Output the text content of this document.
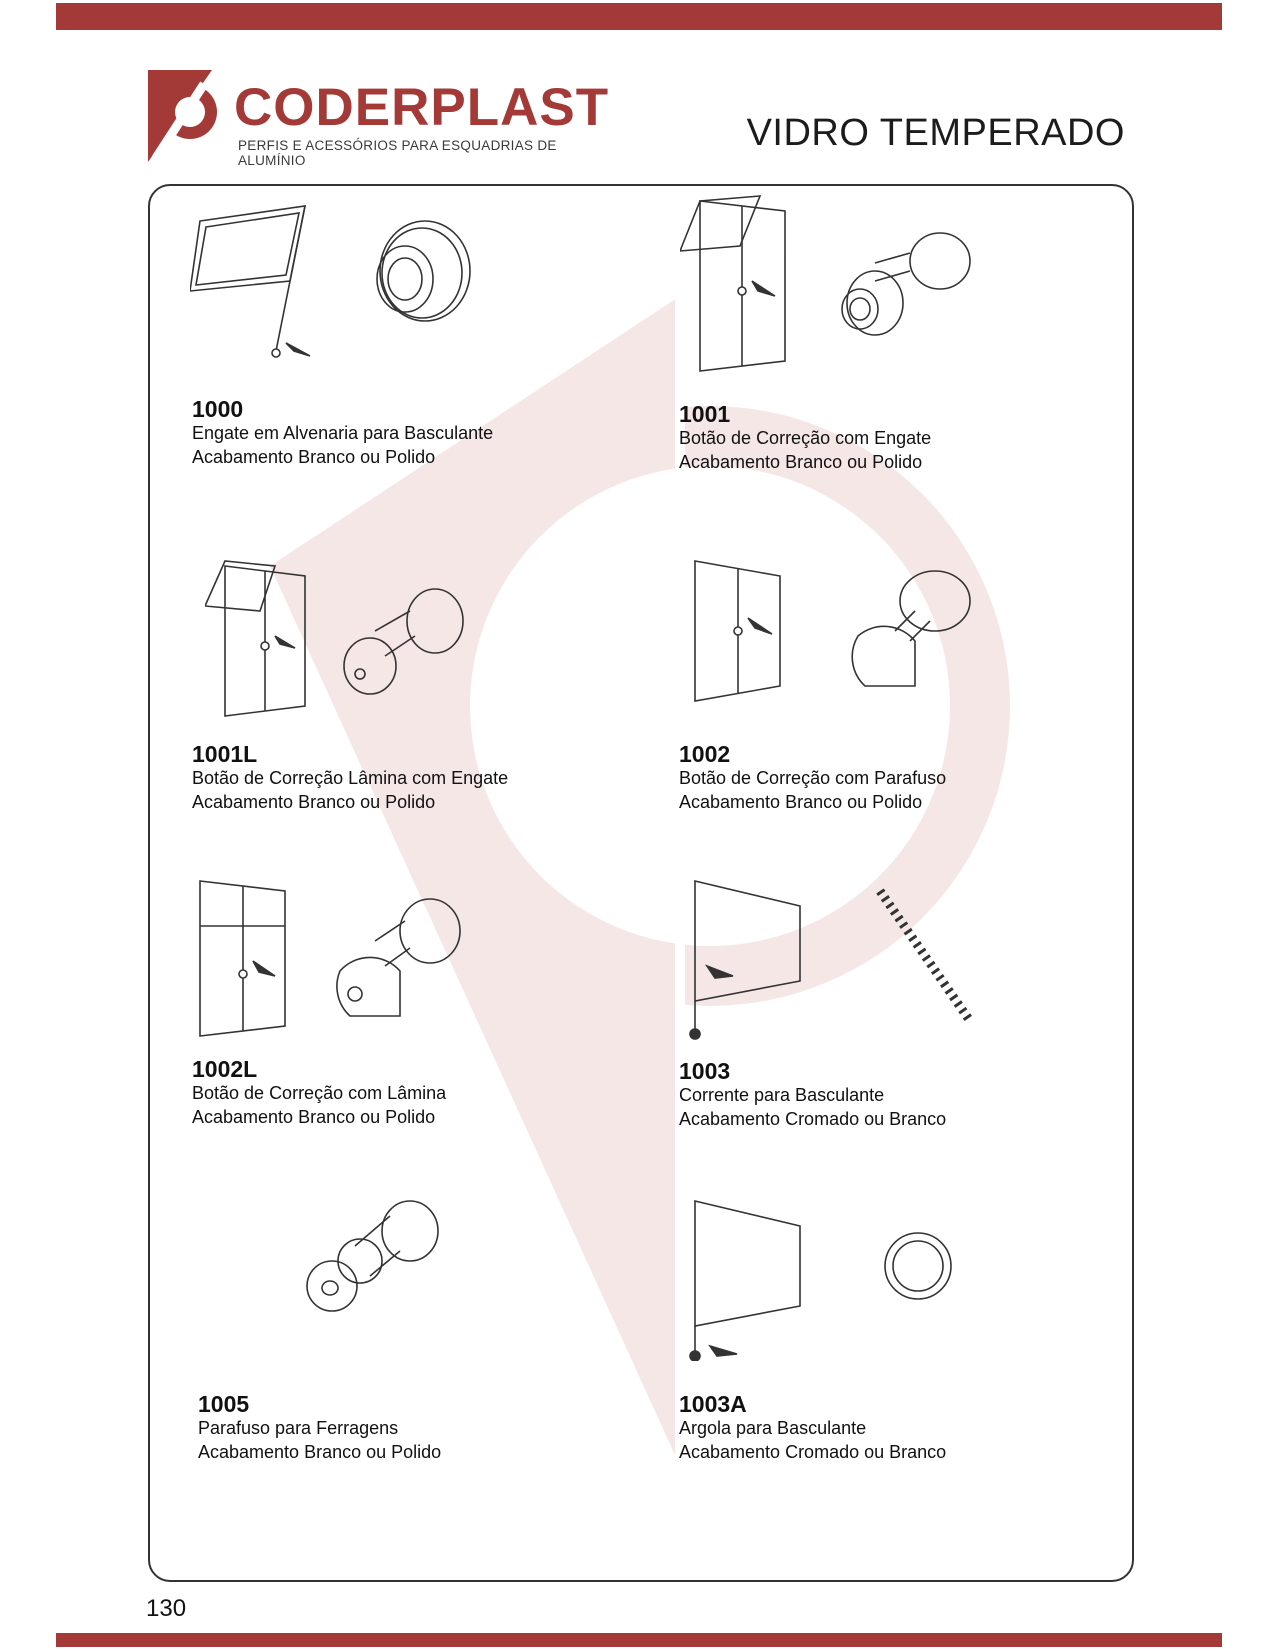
CODERPLAST
PERFIS E ACESSÓRIOS PARA ESQUADRIAS DE ALUMÍNIO
VIDRO TEMPERADO
1000
Engate em Alvenaria para Basculante
Acabamento Branco ou Polido
1001
Botão de Correção com Engate
Acabamento Branco ou Polido
1001L
Botão de Correção Lâmina com Engate
Acabamento Branco ou Polido
1002
Botão de Correção com Parafuso
Acabamento Branco ou Polido
1002L
Botão de Correção com Lâmina
Acabamento Branco ou Polido
1003
Corrente para Basculante
Acabamento Cromado ou Branco
1005
Parafuso para Ferragens
Acabamento Branco ou Polido
1003A
Argola para Basculante
Acabamento Cromado ou Branco
130
